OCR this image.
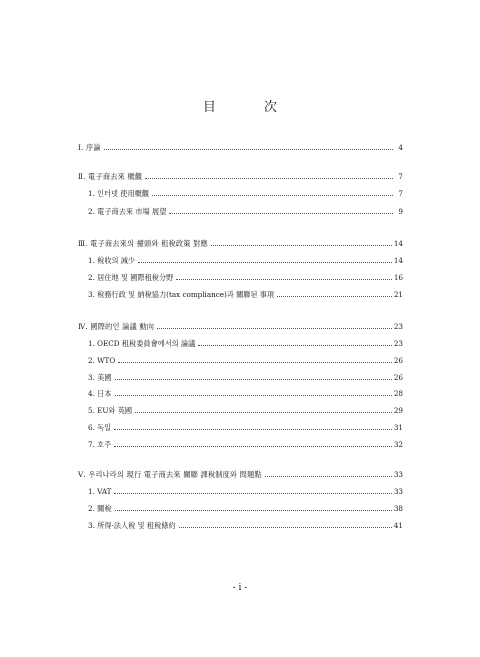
目 次
Ⅰ. 序論	4
Ⅱ. 電子商去來 概觀	7
1. 인터넷 使用概觀	7
2. 電子商去來 市場 展望	9
Ⅲ. 電子商去來의 擡頭와 租稅政策 對應	14
1. 稅收의 減少	14
2. 居住地 및 國際租稅分野	16
3. 稅務行政 및 納稅協力(tax compliance)과 關聯된 事項	21
Ⅳ. 國際的인 論議 動向	23
1. OECD 租稅委員會에서의 論議	23
2. WTO	26
3. 美國	26
4. 日本	28
5. EU와 英國	29
6. 독일	31
7. 호주	32
Ⅴ. 우리나라의 現行 電子商去來 關聯 課稅制度와 問題點	33
1. VAT	33
2. 關稅	38
3. 所得·法人稅 및 租稅條約	41
- i -
